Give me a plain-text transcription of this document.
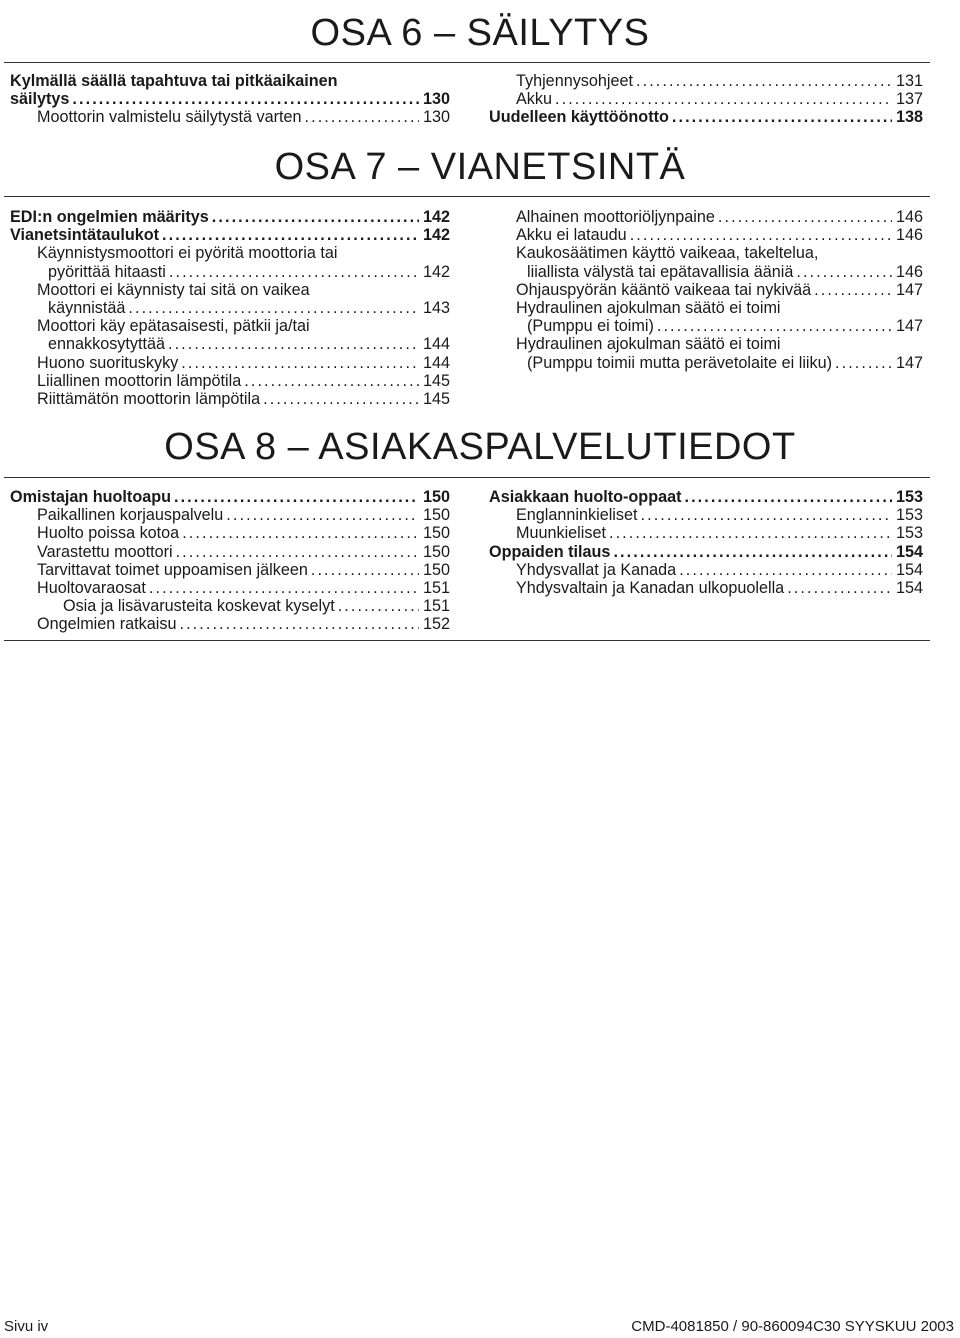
OSA 6 – SÄILYTYS
Kylmällä säällä tapahtuva tai pitkäaikainen
säilytys . . .	130
Moottorin valmistelu säilytystä varten . . .	130
Tyhjennysohjeet . . .	131
Akku . . .	137
Uudelleen käyttöönotto . . .	138
OSA 7 – VIANETSINTÄ
EDI:n ongelmien määritys . . .	142
Vianetsintätaulukot . . .	142
Käynnistysmoottori ei pyöritä moottoria tai
pyörittää hitaasti . . .	142
Moottori ei käynnisty tai sitä on vaikea
käynnistää . . .	143
Moottori käy epätasaisesti, pätkii ja/tai
ennakkosytyttää . . .	144
Huono suorituskyky . . .	144
Liiallinen moottorin lämpötila . . .	145
Riittämätön moottorin lämpötila . . .	145
Alhainen moottoriöljynpaine . . .	146
Akku ei lataudu . . .	146
Kaukosäätimen käyttö vaikeaa, takeltelua,
liiallista välystä tai epätavallisia ääniä . . .	146
Ohjauspyörän kääntö vaikeaa tai nykivää . . .	147
Hydraulinen ajokulman säätö ei toimi
(Pumppu ei toimi) . . .	147
Hydraulinen ajokulman säätö ei toimi
(Pumppu toimii mutta perävetolaite ei liiku) . . .	147
OSA 8 – ASIAKASPALVELUTIEDOT
Omistajan huoltoapu . . .	150
Paikallinen korjauspalvelu . . .	150
Huolto poissa kotoa . . .	150
Varastettu moottori . . .	150
Tarvittavat toimet uppoamisen jälkeen . . .	150
Huoltovaraosat . . .	151
Osia ja lisävarusteita koskevat kyselyt . . .	151
Ongelmien ratkaisu . . .	152
Asiakkaan huolto-oppaat . . .	153
Englanninkieliset . . .	153
Muunkieliset . . .	153
Oppaiden tilaus . . .	154
Yhdysvallat ja Kanada . . .	154
Yhdysvaltain ja Kanadan ulkopuolella . . .	154
Sivu iv	CMD-4081850 / 90-860094C30 SYYSKUU 2003
